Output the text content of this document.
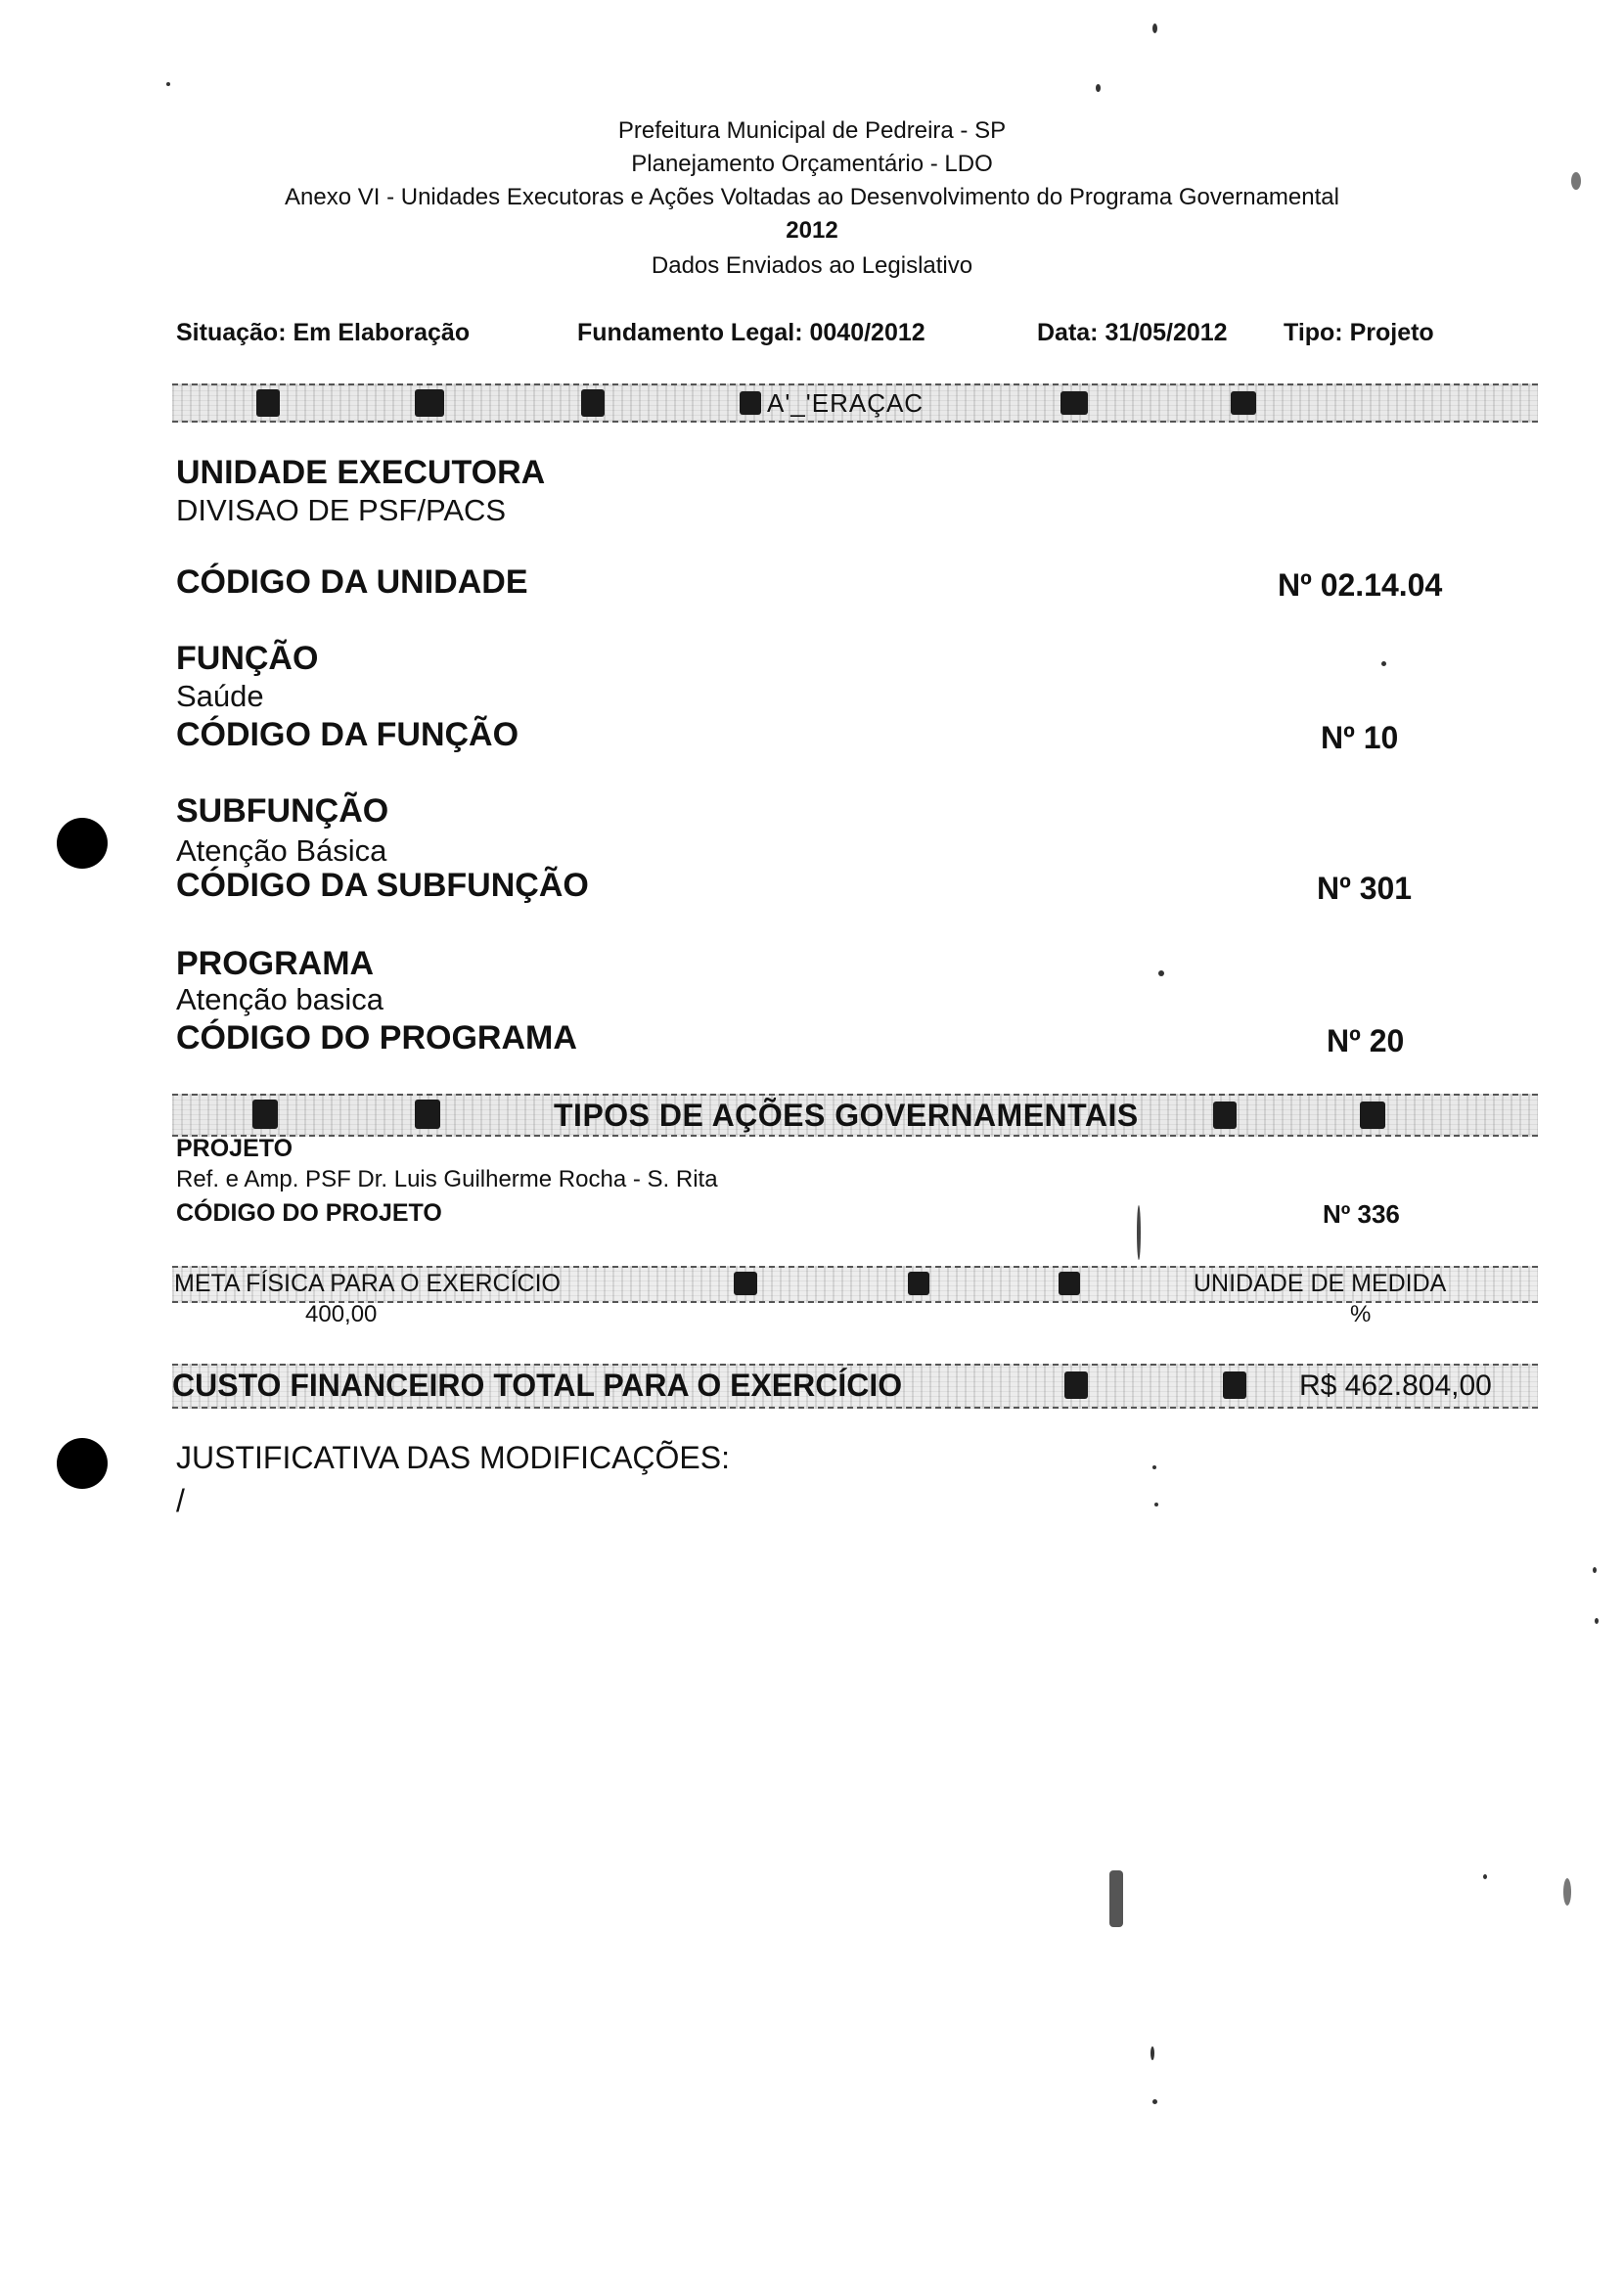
Prefeitura Municipal de Pedreira - SP
Planejamento Orçamentário - LDO
Anexo VI - Unidades Executoras e Ações Voltadas ao Desenvolvimento do Programa Governamental
2012
Dados Enviados ao Legislativo
Situação: Em Elaboração	Fundamento Legal: 0040/2012	Data: 31/05/2012 Tipo: Projeto
A'_'ERAÇAC
UNIDADE EXECUTORA
DIVISAO DE PSF/PACS
CÓDIGO DA UNIDADE	Nº 02.14.04
FUNÇÃO
Saúde
CÓDIGO DA FUNÇÃO	Nº 10
SUBFUNÇÃO
Atenção Básica
CÓDIGO DA SUBFUNÇÃO	Nº 301
PROGRAMA
Atenção basica
CÓDIGO DO PROGRAMA	Nº 20
TIPOS DE AÇÕES GOVERNAMENTAIS
PROJETO
Ref. e Amp. PSF Dr. Luis Guilherme Rocha - S. Rita
CÓDIGO DO PROJETO	Nº 336
META FÍSICA PARA O EXERCÍCIO	UNIDADE DE MEDIDA
400,00	%
CUSTO FINANCEIRO TOTAL PARA O EXERCÍCIO	R$ 462.804,00
JUSTIFICATIVA DAS MODIFICAÇÕES:
/
